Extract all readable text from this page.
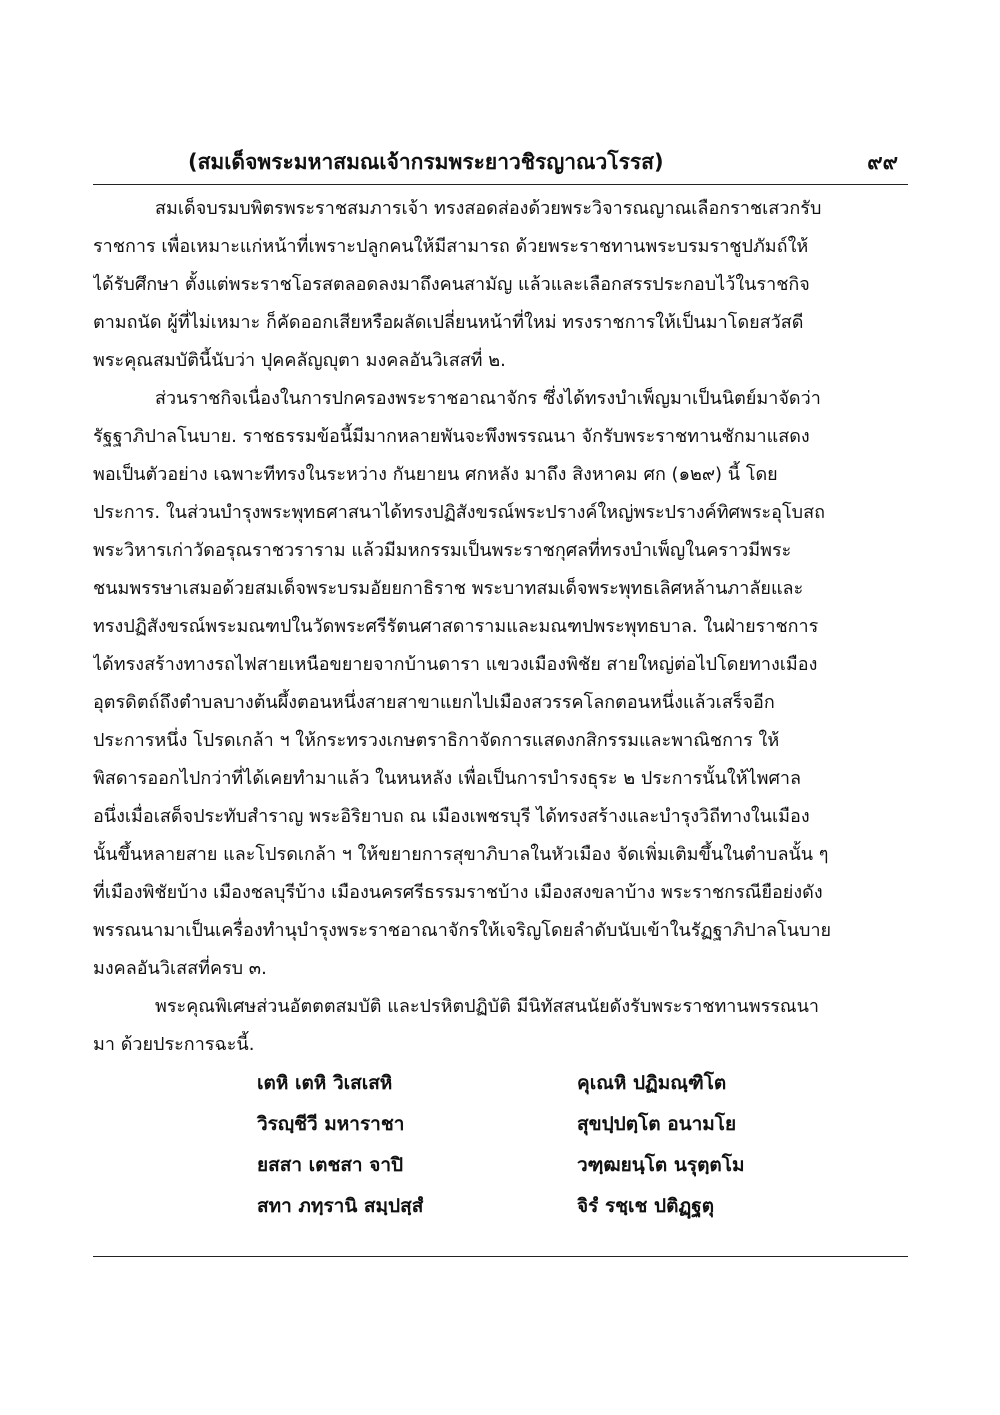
(สมเด็จพระมหาสมณเจ้ากรมพระยาวชิรญาณวโรรส)	๙๙
สมเด็จบรมบพิตรพระราชสมภารเจ้า ทรงสอดส่องด้วยพระวิจารณญาณเลือกราชเสวกรับ
ราชการ เพื่อเหมาะแก่หน้าที่เพราะปลูกคนให้มีสามารถ ด้วยพระราชทานพระบรมราชูปภัมถ์ให้
ได้รับศึกษา ตั้งแต่พระราชโอรสตลอดลงมาถึงคนสามัญ แล้วและเลือกสรรประกอบไว้ในราชกิจ
ตามถนัด ผู้ที่ไม่เหมาะ ก็คัดออกเสียหรือผลัดเปลี่ยนหน้าที่ใหม่ ทรงราชการให้เป็นมาโดยสวัสดี
พระคุณสมบัตินี้นับว่า ปุคคลัญญุตา มงคลอันวิเสสที่ ๒.
ส่วนราชกิจเนื่องในการปกครองพระราชอาณาจักร ซึ่งได้ทรงบำเพ็ญมาเป็นนิตย์มาจัดว่า
รัฐฐาภิปาลโนบาย. ราชธรรมข้อนี้มีมากหลายพันจะพึงพรรณนา จักรับพระราชทานชักมาแสดง
พอเป็นตัวอย่าง เฉพาะทีทรงในระหว่าง กันยายน ศกหลัง มาถึง สิงหาคม ศก (๑๒๙) นี้ โดย
ประการ. ในส่วนบำรุงพระพุทธศาสนาได้ทรงปฏิสังขรณ์พระปรางค์ใหญ่พระปรางค์ทิศพระอุโบสถ
พระวิหารเก่าวัดอรุณราชวราราม แล้วมีมหกรรมเป็นพระราชกุศลที่ทรงบำเพ็ญในคราวมีพระ
ชนมพรรษาเสมอด้วยสมเด็จพระบรมอัยยกาธิราช พระบาทสมเด็จพระพุทธเลิศหล้านภาลัยและ
ทรงปฏิสังขรณ์พระมณฑปในวัดพระศรีรัตนศาสดารามและมณฑปพระพุทธบาล. ในฝ่ายราชการ
ได้ทรงสร้างทางรถไฟสายเหนือขยายจากบ้านดารา แขวงเมืองพิชัย สายใหญ่ต่อไปโดยทางเมือง
อุตรดิตถ์ถึงตำบลบางต้นผึ้งตอนหนึ่งสายสาขาแยกไปเมืองสวรรคโลกตอนหนึ่งแล้วเสร็จอีก
ประการหนึ่ง โปรดเกล้า ฯ ให้กระทรวงเกษตราธิกาจัดการแสดงกสิกรรมและพาณิชการ ให้
พิสดารออกไปกว่าที่ได้เคยทำมาแล้ว ในหนหลัง เพื่อเป็นการบำรงธุระ ๒ ประการนั้นให้ไพศาล
อนึ่งเมื่อเสด็จประทับสำราญ พระอิริยาบถ ณ เมืองเพชรบุรี ได้ทรงสร้างและบำรุงวิถีทางในเมือง
นั้นขึ้นหลายสาย และโปรดเกล้า ฯ ให้ขยายการสุขาภิบาลในหัวเมือง จัดเพิ่มเติมขึ้นในตำบลนั้น ๆ
ที่เมืองพิชัยบ้าง เมืองชลบุรีบ้าง เมืองนครศรีธรรมราชบ้าง เมืองสงขลาบ้าง พระราชกรณียือย่งดัง
พรรณนามาเป็นเครื่องทำนุบำรุงพระราชอาณาจักรให้เจริญโดยลำดับนับเข้าในรัฏฐาภิปาลโนบาย
มงคลอันวิเสสที่ครบ ๓.
พระคุณพิเศษส่วนอัตตตสมบัติ และปรหิตปฏิบัติ มีนิทัสสนนัยดังรับพระราชทานพรรณนา
มา ด้วยประการฉะนี้.
เตหิ เตหิ วิเสเสหิ	คุเณหิ ปฏิมณฺฑิโต
วิรญฺชีวี มหาราชา	สุขปฺปตฺโต อนามโย
ยสสา เตชสา จาปิ	วฑฺฒยนฺโต นรุตฺตโม
สทา ภทฺรานิ สมฺปสฺสํ	จิรํ รชฺเช ปติฏฺฐตุ
